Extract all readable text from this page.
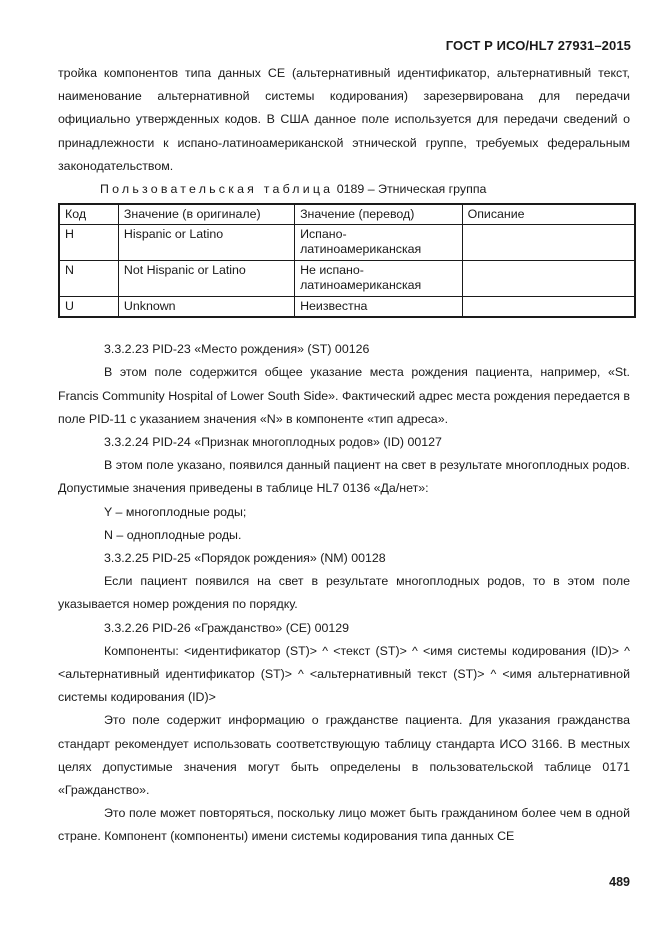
ГОСТ Р ИСО/HL7 27931–2015

тройка компонентов типа данных CE (альтернативный идентификатор, альтернативный текст, наименование альтернативной системы кодирования) зарезервирована для передачи официально утвержденных кодов. В США данное поле используется для передачи сведений о принадлежности к испано-латиноамериканской этнической группе, требуемых федеральным законодательством.

Пользовательская таблица 0189 – Этническая группа

Код	Значение (в оригинале)	Значение (перевод)	Описание
H	Hispanic or Latino	Испано-латиноамериканская	
N	Not Hispanic or Latino	Не испано-латиноамериканская	
U	Unknown	Неизвестна	

3.3.2.23 PID-23 «Место рождения» (ST) 00126

В этом поле содержится общее указание места рождения пациента, например, «St. Francis Community Hospital of Lower South Side». Фактический адрес места рождения передается в поле PID-11 с указанием значения «N» в компоненте «тип адреса».

3.3.2.24 PID-24 «Признак многоплодных родов» (ID) 00127

В этом поле указано, появился данный пациент на свет в результате многоплодных родов. Допустимые значения приведены в таблице HL7 0136 «Да/нет»:

Y – многоплодные роды;

N – одноплодные роды.

3.3.2.25 PID-25 «Порядок рождения» (NM) 00128

Если пациент появился на свет в результате многоплодных родов, то в этом поле указывается номер рождения по порядку.

3.3.2.26 PID-26 «Гражданство» (CE) 00129

Компоненты: <идентификатор (ST)> ^ <текст (ST)> ^ <имя системы кодирования (ID)> ^ <альтернативный идентификатор (ST)> ^ <альтернативный текст (ST)> ^ <имя альтернативной системы кодирования (ID)>

Это поле содержит информацию о гражданстве пациента. Для указания гражданства стандарт рекомендует использовать соответствующую таблицу стандарта ИСО 3166. В местных целях допустимые значения могут быть определены в пользовательской таблице 0171 «Гражданство».

Это поле может повторяться, поскольку лицо может быть гражданином более чем в одной стране. Компонент (компоненты) имени системы кодирования типа данных CE

489
